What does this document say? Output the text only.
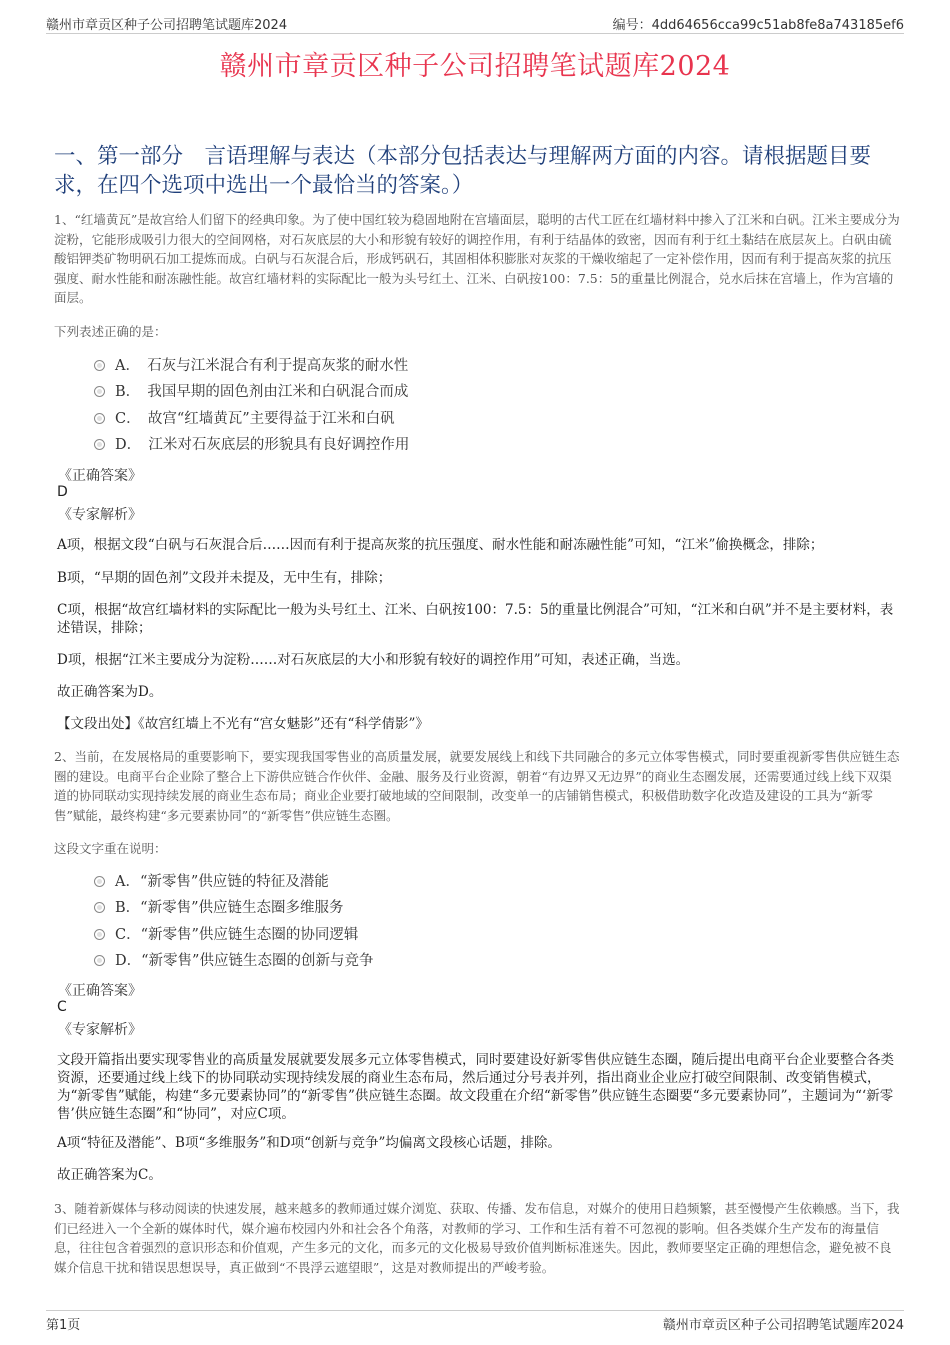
赣州市章贡区种子公司招聘笔试题库2024	编号：4dd64656cca99c51ab8fe8a743185ef6
赣州市章贡区种子公司招聘笔试题库2024
一、第一部分　言语理解与表达（本部分包括表达与理解两方面的内容。请根据题目要求，在四个选项中选出一个最恰当的答案。）
1、“红墙黄瓦”是故宫给人们留下的经典印象。为了使中国红较为稳固地附在宫墙面层，聪明的古代工匠在红墙材料中掺入了江米和白矾。江米主要成分为淀粉，它能形成吸引力很大的空间网格，对石灰底层的大小和形貌有较好的调控作用，有利于结晶体的致密，因而有利于红土黏结在底层灰上。白矾由硫酸铝钾类矿物明矾石加工提炼而成。白矾与石灰混合后，形成钙矾石，其固相体积膨胀对灰浆的干燥收缩起了一定补偿作用，因而有利于提高灰浆的抗压强度、耐水性能和耐冻融性能。故宫红墙材料的实际配比一般为头号红土、江米、白矾按100：7.5：5的重量比例混合，兑水后抹在宫墙上，作为宫墙的面层。
下列表述正确的是：
A．　石灰与江米混合有利于提高灰浆的耐水性
B．　我国早期的固色剂由江米和白矾混合而成
C．　故宫“红墙黄瓦”主要得益于江米和白矾
D．　江米对石灰底层的形貌具有良好调控作用
《正确答案》
D
《专家解析》
A项，根据文段“白矾与石灰混合后……因而有利于提高灰浆的抗压强度、耐水性能和耐冻融性能”可知，“江米”偷换概念，排除；
B项，“早期的固色剂”文段并未提及，无中生有，排除；
C项，根据“故宫红墙材料的实际配比一般为头号红土、江米、白矾按100：7.5：5的重量比例混合”可知，“江米和白矾”并不是主要材料，表述错误，排除；
D项，根据“江米主要成分为淀粉……对石灰底层的大小和形貌有较好的调控作用”可知，表述正确，当选。
故正确答案为D。
【文段出处】《故宫红墙上不光有“宫女魅影”还有“科学倩影”》
2、当前，在发展格局的重要影响下，要实现我国零售业的高质量发展，就要发展线上和线下共同融合的多元立体零售模式，同时要重视新零售供应链生态圈的建设。电商平台企业除了整合上下游供应链合作伙伴、金融、服务及行业资源，朝着“有边界又无边界”的商业生态圈发展，还需要通过线上线下双渠道的协同联动实现持续发展的商业生态布局；商业企业要打破地域的空间限制，改变单一的店铺销售模式，积极借助数字化改造及建设的工具为“新零售”赋能，最终构建“多元要素协同”的“新零售”供应链生态圈。
这段文字重在说明：
A．“新零售”供应链的特征及潜能
B．“新零售”供应链生态圈多维服务
C．“新零售”供应链生态圈的协同逻辑
D．“新零售”供应链生态圈的创新与竞争
《正确答案》
C
《专家解析》
文段开篇指出要实现零售业的高质量发展就要发展多元立体零售模式，同时要建设好新零售供应链生态圈，随后提出电商平台企业要整合各类资源，还要通过线上线下的协同联动实现持续发展的商业生态布局，然后通过分号表并列，指出商业企业应打破空间限制、改变销售模式，为“新零售”赋能，构建“多元要素协同”的“新零售”供应链生态圈。故文段重在介绍“新零售”供应链生态圈要“多元要素协同”，主题词为“‘新零售’供应链生态圈”和“协同”，对应C项。
A项“特征及潜能”、B项“多维服务”和D项“创新与竞争”均偏离文段核心话题，排除。
故正确答案为C。
3、随着新媒体与移动阅读的快速发展，越来越多的教师通过媒介浏览、获取、传播、发布信息，对媒介的使用日趋频繁，甚至慢慢产生依赖感。当下，我们已经进入一个全新的媒体时代，媒介遍布校园内外和社会各个角落，对教师的学习、工作和生活有着不可忽视的影响。但各类媒介生产发布的海量信息，往往包含着强烈的意识形态和价值观，产生多元的文化，而多元的文化极易导致价值判断标准迷失。因此，教师要坚定正确的理想信念，避免被不良媒介信息干扰和错误思想误导，真正做到“不畏浮云遮望眼”，这是对教师提出的严峻考验。
第1页	赣州市章贡区种子公司招聘笔试题库2024
